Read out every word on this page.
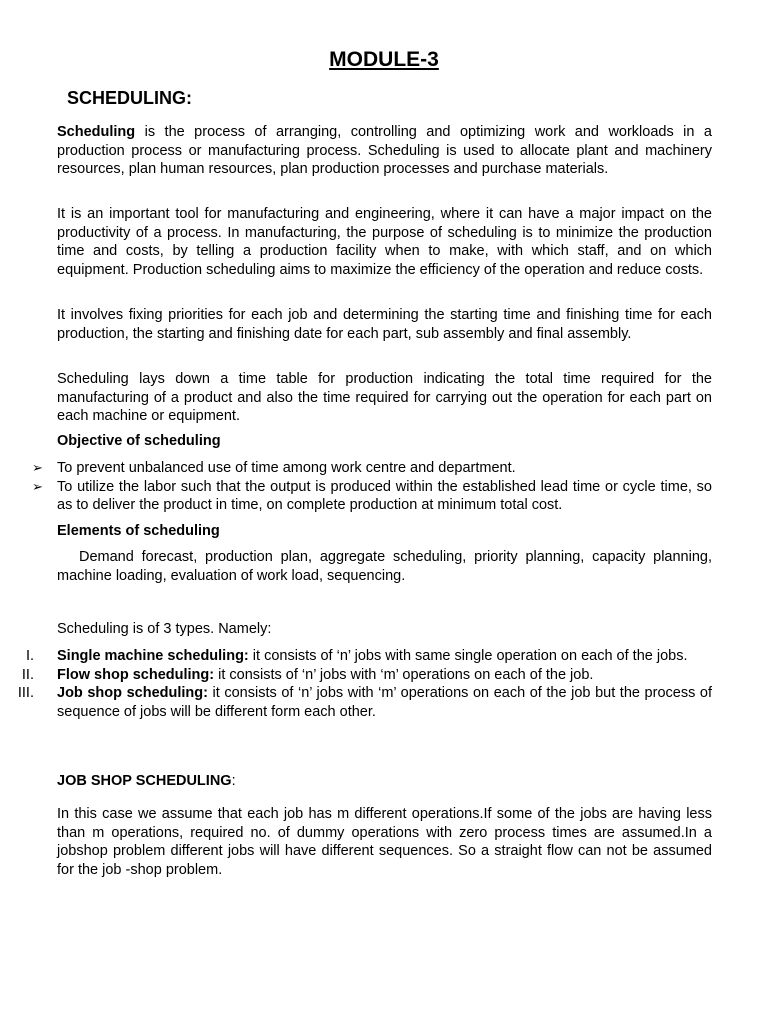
MODULE-3
SCHEDULING:

Scheduling is the process of arranging, controlling and optimizing work and workloads in a production process or manufacturing process. Scheduling is used to allocate plant and machinery resources, plan human resources, plan production processes and purchase materials.

It is an important tool for manufacturing and engineering, where it can have a major impact on the productivity of a process. In manufacturing, the purpose of scheduling is to minimize the production time and costs, by telling a production facility when to make, with which staff, and on which equipment. Production scheduling aims to maximize the efficiency of the operation and reduce costs.

It involves fixing priorities for each job and determining the starting time and finishing time for each production, the starting and finishing date for each part, sub assembly and final assembly.

Scheduling lays down a time table for production indicating the total time required for the manufacturing of a product and also the time required for carrying out the operation for each part on each machine or equipment.

Objective of scheduling
➢ To prevent unbalanced use of time among work centre and department.
➢ To utilize the labor such that the output is produced within the established lead time or cycle time, so as to deliver the product in time, on complete production at minimum total cost.
Elements of scheduling

Demand forecast, production plan, aggregate scheduling, priority planning, capacity planning, machine loading, evaluation of work load, sequencing.

Scheduling is of 3 types. Namely:

I. Single machine scheduling: it consists of ‘n’ jobs with same single operation on each of the jobs.
II. Flow shop scheduling: it consists of ‘n’ jobs with ‘m’ operations on each of the job.
III. Job shop scheduling: it consists of ‘n’ jobs with ‘m’ operations on each of the job but the process of sequence of jobs will be different form each other.
JOB SHOP SCHEDULING:

In this case we assume that each job has m different operations.If some of the jobs are having less than m operations, required no. of dummy operations with zero process times are assumed.In a jobshop problem different jobs will have different sequences. So a straight flow can not be assumed for the job -shop problem.
